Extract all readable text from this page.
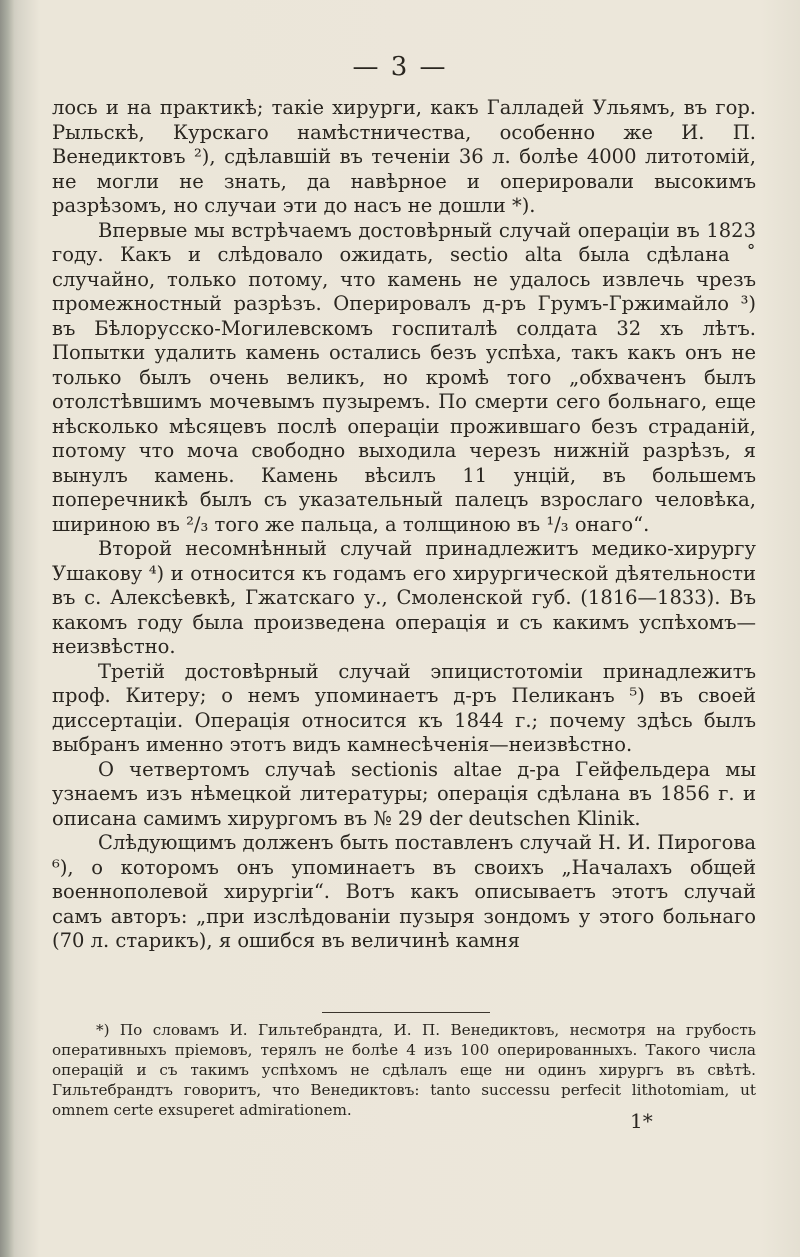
— 3 —

лось и на практикѣ; такіе хирурги, какъ Галладей Ульямъ, въ гор. Рыльскѣ, Курскаго намѣстничества, особенно же И. П. Венедиктовъ ²), сдѣлавшій въ теченіи 36 л. болѣе 4000 литотомій, не могли не знать, да навѣрное и оперировали высокимъ разрѣзомъ, но случаи эти до насъ не дошли *).

Впервые мы встрѣчаемъ достовѣрный случай операціи въ 1823 году. Какъ и слѣдовало ожидать, sectio alta была сдѣлана ˚ случайно, только потому, что камень не удалось извлечь чрезъ промежностный разрѣзъ. Оперировалъ д-ръ Грумъ-Гржимайло ³) въ Бѣлорусско-Могилевскомъ госпиталѣ солдата 32 хъ лѣтъ. Попытки удалить камень остались безъ успѣха, такъ какъ онъ не только былъ очень великъ, но кромѣ того „обхваченъ былъ отолстѣвшимъ мочевымъ пузыремъ. По смерти сего больнаго, еще нѣсколько мѣсяцевъ послѣ операціи прожившаго безъ страданій, потому что моча свободно выходила черезъ нижній разрѣзъ, я вынулъ камень. Камень вѣсилъ 11 унцій, въ большемъ поперечникѣ былъ съ указательный палецъ взрослаго человѣка, шириною въ ²/₃ того же пальца, а толщиною въ ¹/₃ онаго“.

Второй несомнѣнный случай принадлежитъ медико-хирургу Ушакову ⁴) и относится къ годамъ его хирургической дѣятельности въ с. Алексѣевкѣ, Гжатскаго у., Смоленской губ. (1816—1833). Въ какомъ году была произведена операція и съ какимъ успѣхомъ—неизвѣстно.

Третій достовѣрный случай эпицистотоміи принадлежитъ проф. Китеру; о немъ упоминаетъ д-ръ Пеликанъ ⁵) въ своей диссертаціи. Операція относится къ 1844 г.; почему здѣсь былъ выбранъ именно этотъ видъ камнесѣченія—неизвѣстно.

О четвертомъ случаѣ sectionis altae д-ра Гейфельдера мы узнаемъ изъ нѣмецкой литературы; операція сдѣлана въ 1856 г. и описана самимъ хирургомъ въ № 29 der deutschen Klinik.

Слѣдующимъ долженъ быть поставленъ случай Н. И. Пирогова ⁶), о которомъ онъ упоминаетъ въ своихъ „Началахъ общей военнополевой хирургіи“. Вотъ какъ описываетъ этотъ случай самъ авторъ: „при изслѣдованіи пузыря зондомъ у этого больнаго (70 л. старикъ), я ошибся въ величинѣ камня

*) По словамъ И. Гильтебрандта, И. П. Венедиктовъ, несмотря на грубость оперативныхъ пріемовъ, терялъ не болѣе 4 изъ 100 оперированныхъ. Такого числа операцій и съ такимъ успѣхомъ не сдѣлалъ еще ни одинъ хирургъ въ свѣтѣ. Гильтебрандтъ говоритъ, что Венедиктовъ: tanto successu perfecit lithotomiam, ut omnem certe exsuperet admirationem.	1*
